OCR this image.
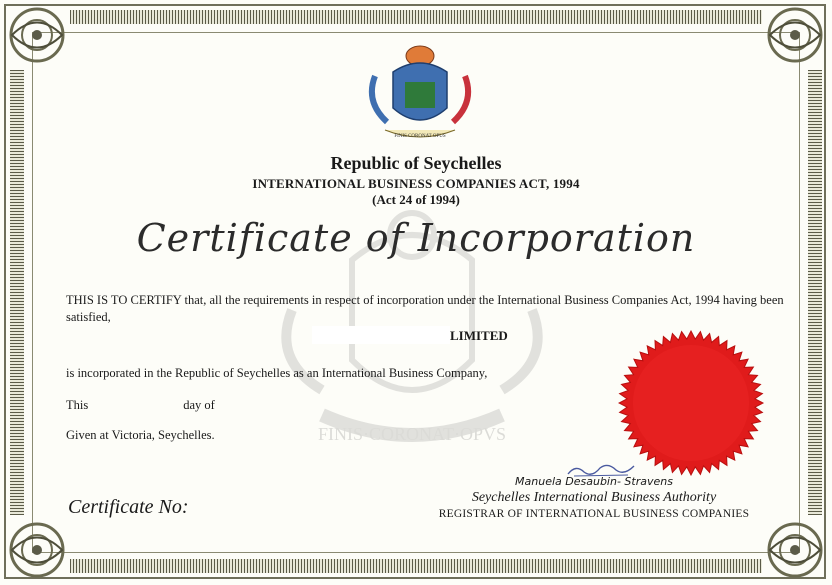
FINIS·CORONAT·OPVS
FINIS CORONAT OPUS
Republic of Seychelles
INTERNATIONAL BUSINESS COMPANIES ACT, 1994
(Act 24 of 1994)
Certificate of Incorporation
THIS IS TO CERTIFY that, all the requirements in respect of incorporation under the International Business Companies Act, 1994 having been satisfied,
LIMITED
is incorporated in the Republic of Seychelles as an International Business Company,
This	day of
Given at Victoria, Seychelles.
Manuela Desaubin- Stravens
Seychelles International Business Authority
REGISTRAR OF INTERNATIONAL BUSINESS COMPANIES
Certificate No:
